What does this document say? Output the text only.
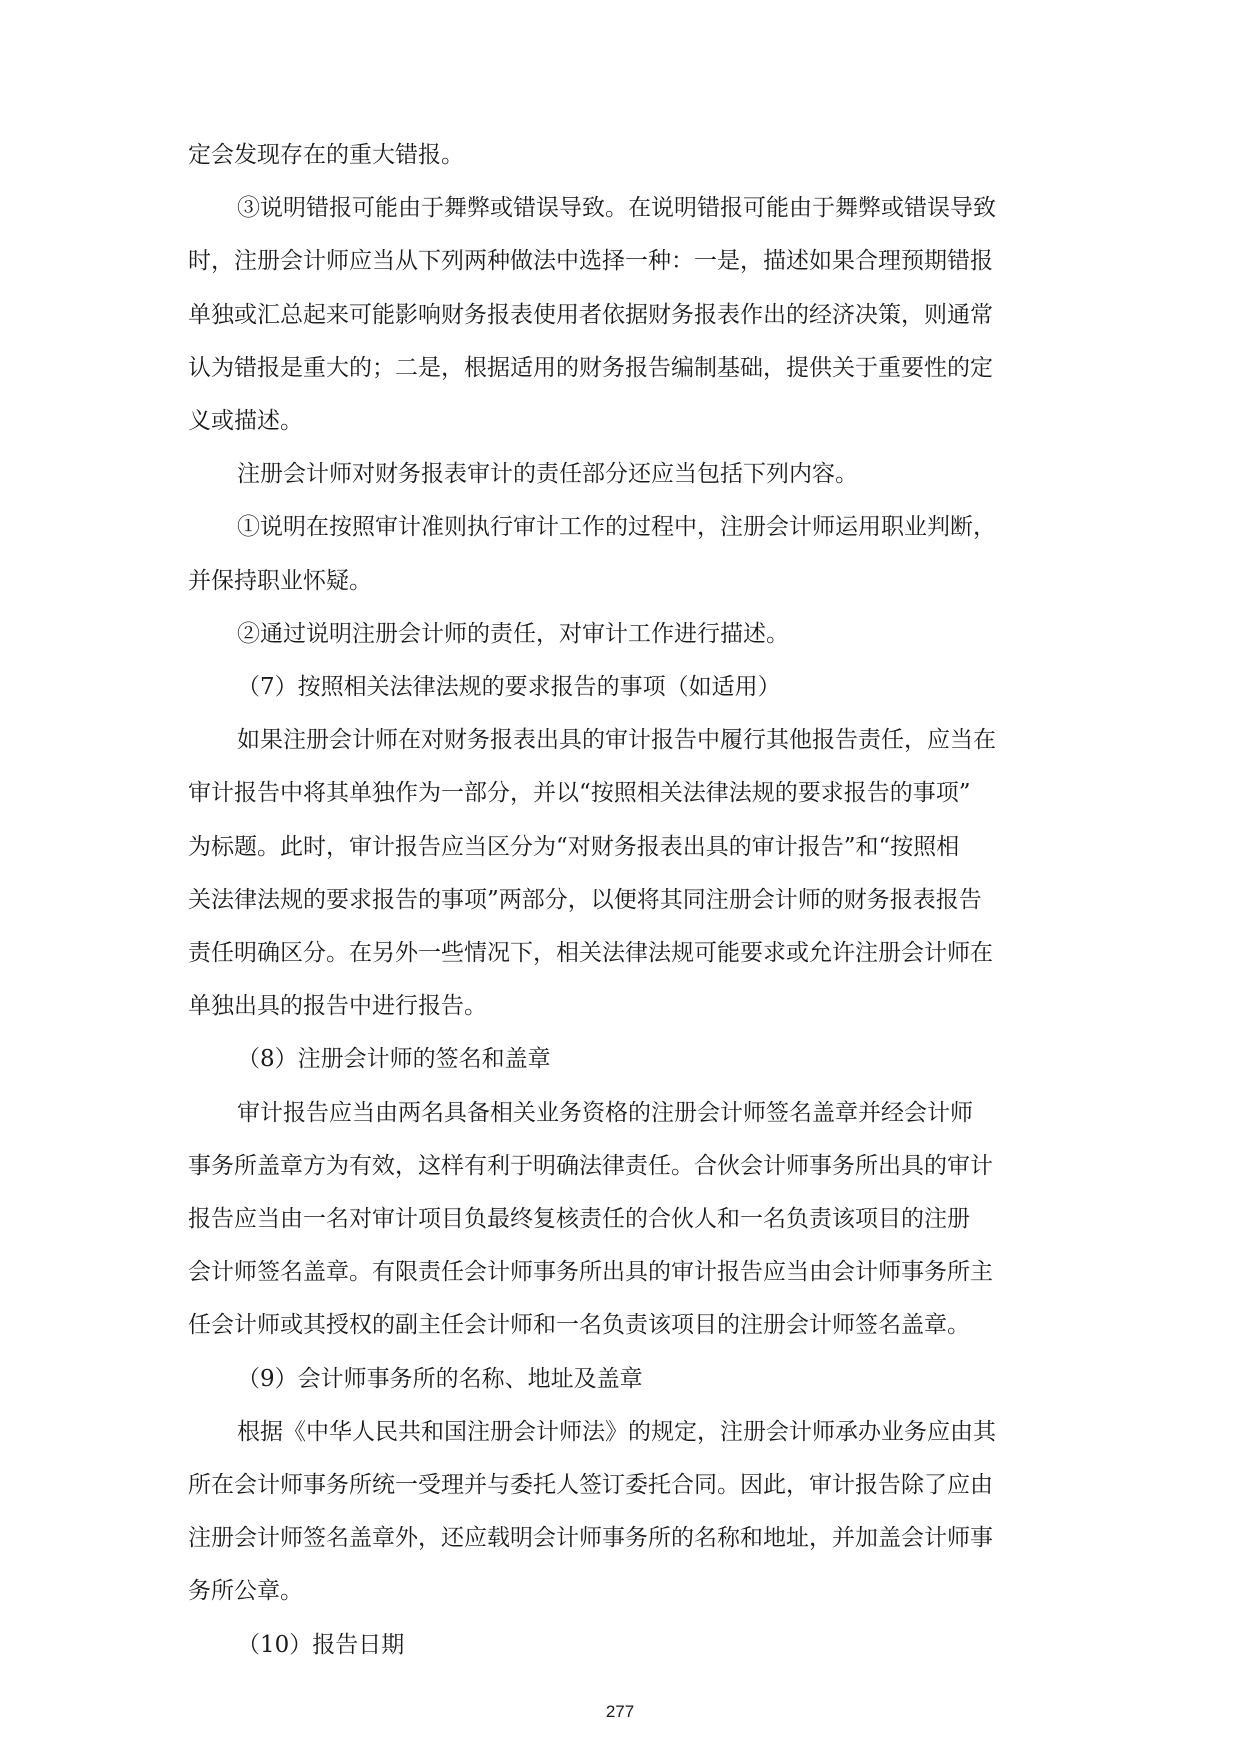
定会发现存在的重大错报。
③说明错报可能由于舞弊或错误导致。在说明错报可能由于舞弊或错误导致
时，注册会计师应当从下列两种做法中选择一种：一是，描述如果合理预期错报
单独或汇总起来可能影响财务报表使用者依据财务报表作出的经济决策，则通常
认为错报是重大的；二是，根据适用的财务报告编制基础，提供关于重要性的定
义或描述。
注册会计师对财务报表审计的责任部分还应当包括下列内容。
①说明在按照审计准则执行审计工作的过程中，注册会计师运用职业判断，
并保持职业怀疑。
②通过说明注册会计师的责任，对审计工作进行描述。
（7）按照相关法律法规的要求报告的事项（如适用）
如果注册会计师在对财务报表出具的审计报告中履行其他报告责任，应当在
审计报告中将其单独作为一部分，并以“按照相关法律法规的要求报告的事项”
为标题。此时，审计报告应当区分为“对财务报表出具的审计报告”和“按照相
关法律法规的要求报告的事项”两部分，以便将其同注册会计师的财务报表报告
责任明确区分。在另外一些情况下，相关法律法规可能要求或允许注册会计师在
单独出具的报告中进行报告。
（8）注册会计师的签名和盖章
审计报告应当由两名具备相关业务资格的注册会计师签名盖章并经会计师
事务所盖章方为有效，这样有利于明确法律责任。合伙会计师事务所出具的审计
报告应当由一名对审计项目负最终复核责任的合伙人和一名负责该项目的注册
会计师签名盖章。有限责任会计师事务所出具的审计报告应当由会计师事务所主
任会计师或其授权的副主任会计师和一名负责该项目的注册会计师签名盖章。
（9）会计师事务所的名称、地址及盖章
根据《中华人民共和国注册会计师法》的规定，注册会计师承办业务应由其
所在会计师事务所统一受理并与委托人签订委托合同。因此，审计报告除了应由
注册会计师签名盖章外，还应载明会计师事务所的名称和地址，并加盖会计师事
务所公章。
（10）报告日期
277
